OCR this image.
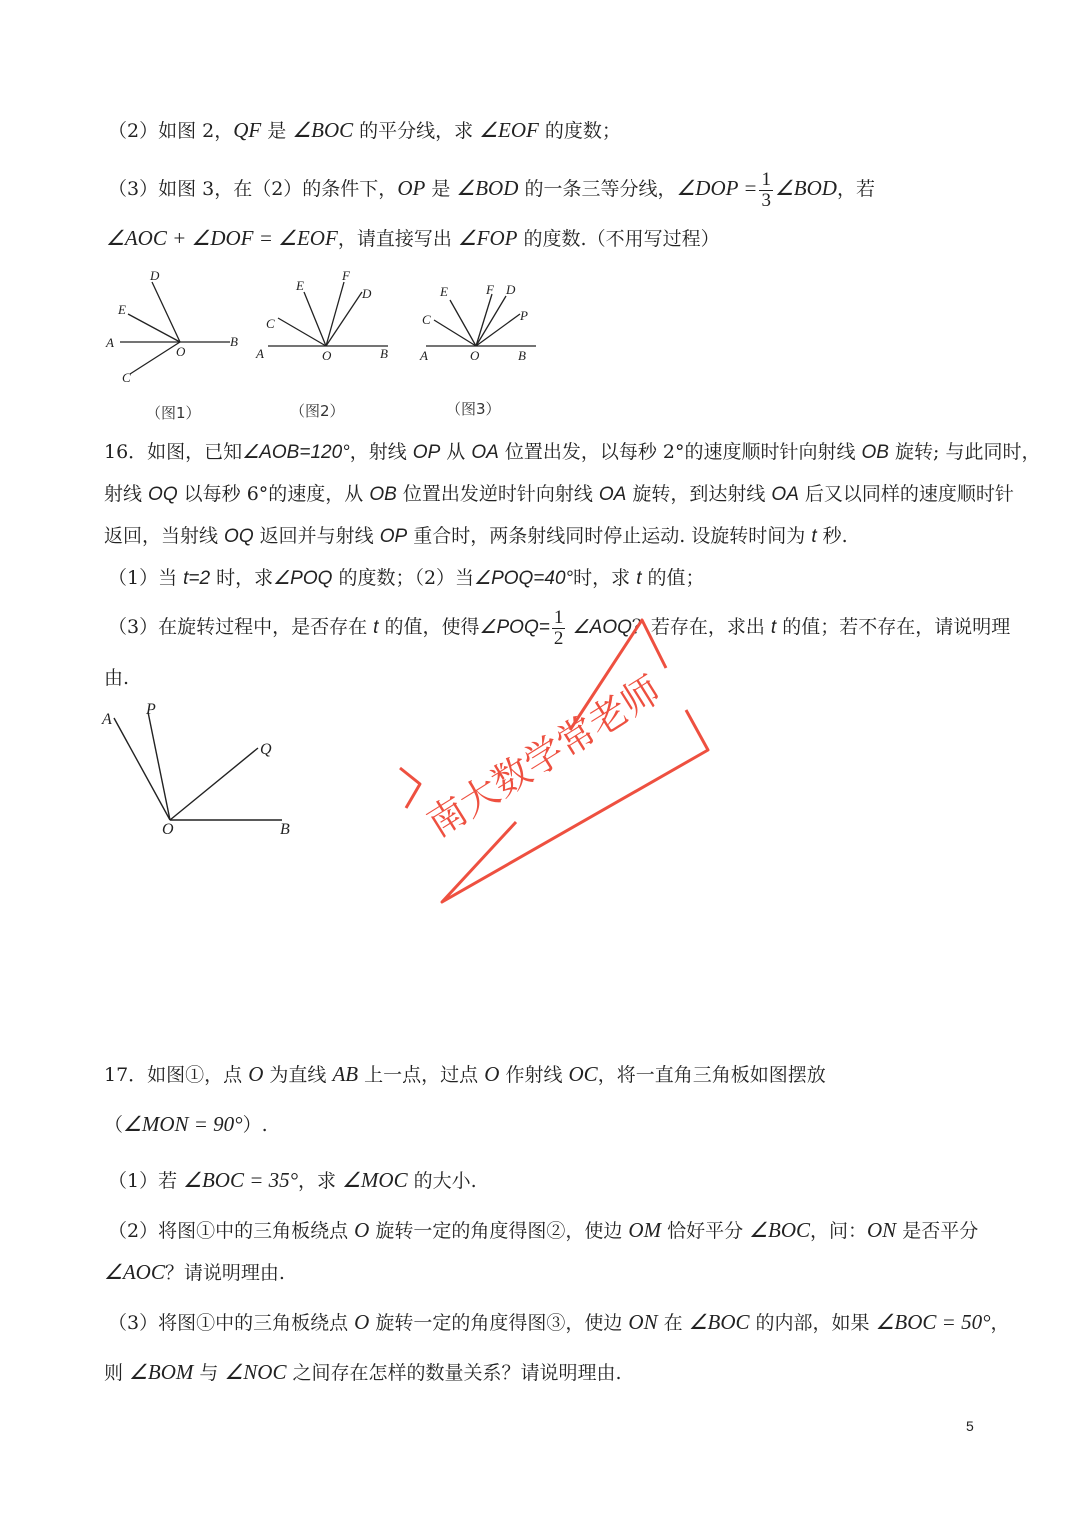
（2）如图 2，QF 是 ∠BOC 的平分线，求 ∠EOF 的度数；
（3）如图 3，在（2）的条件下，OP 是 ∠BOD 的一条三等分线，∠DOP = $\frac{1}{3}$ ∠BOD，若
∠AOC + ∠DOF = ∠EOF，请直接写出 ∠FOP 的度数.（不用写过程）
D
E
A
O
B
C
（图1）
F
E
D
C
A	O	B
（图2）
E	F D
C	P
A	O	B
（图3）
16．如图，已知∠AOB=120°，射线 OP 从 OA 位置出发，以每秒 2°的速度顺时针向射线 OB 旋转; 与此同时，
射线 OQ 以每秒 6°的速度，从 OB 位置出发逆时针向射线 OA 旋转，到达射线 OA 后又以同样的速度顺时针
返回，当射线 OQ 返回并与射线 OP 重合时，两条射线同时停止运动. 设旋转时间为 t 秒.
（1）当 t=2 时，求∠POQ 的度数；（2）当∠POQ=40°时，求 t 的值；
（3）在旋转过程中，是否存在 t 的值，使得∠POQ= $\frac{1}{2}$ ∠AOQ？若存在，求出 t 的值；若不存在，请说明理
由.
A
P
Q
O	B	南大数学常老师
17．如图①，点 O 为直线 AB 上一点，过点 O 作射线 OC，将一直角三角板如图摆放
（∠MON = 90°）.
（1）若 ∠BOC = 35°，求 ∠MOC 的大小.
（2）将图①中的三角板绕点 O 旋转一定的角度得图②，使边 OM 恰好平分 ∠BOC，问：ON 是否平分
∠AOC？请说明理由.
（3）将图①中的三角板绕点 O 旋转一定的角度得图③，使边 ON 在 ∠BOC 的内部，如果 ∠BOC = 50°，
则 ∠BOM 与 ∠NOC 之间存在怎样的数量关系？请说明理由.
5
